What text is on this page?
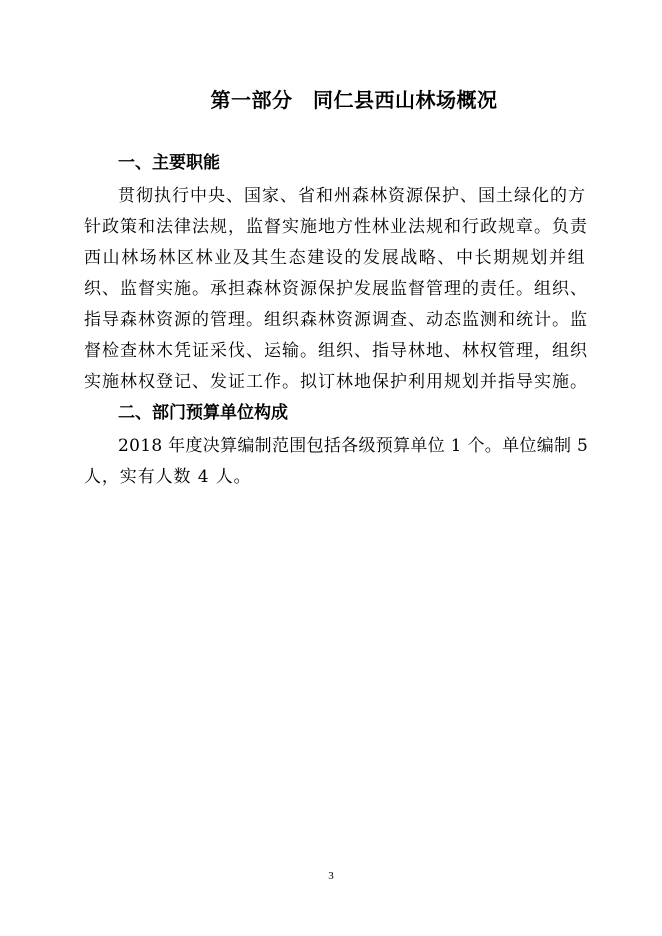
第一部分　同仁县西山林场概况
一、主要职能
贯彻执行中央、国家、省和州森林资源保护、国土绿化的方
针政策和法律法规，监督实施地方性林业法规和行政规章。负责
西山林场林区林业及其生态建设的发展战略、中长期规划并组
织、监督实施。承担森林资源保护发展监督管理的责任。组织、
指导森林资源的管理。组织森林资源调查、动态监测和统计。监
督检查林木凭证采伐、运输。组织、指导林地、林权管理，组织
实施林权登记、发证工作。拟订林地保护利用规划并指导实施。
二、部门预算单位构成
2018 年度决算编制范围包括各级预算单位 1 个。单位编制 5
人，实有人数 4 人。
3
